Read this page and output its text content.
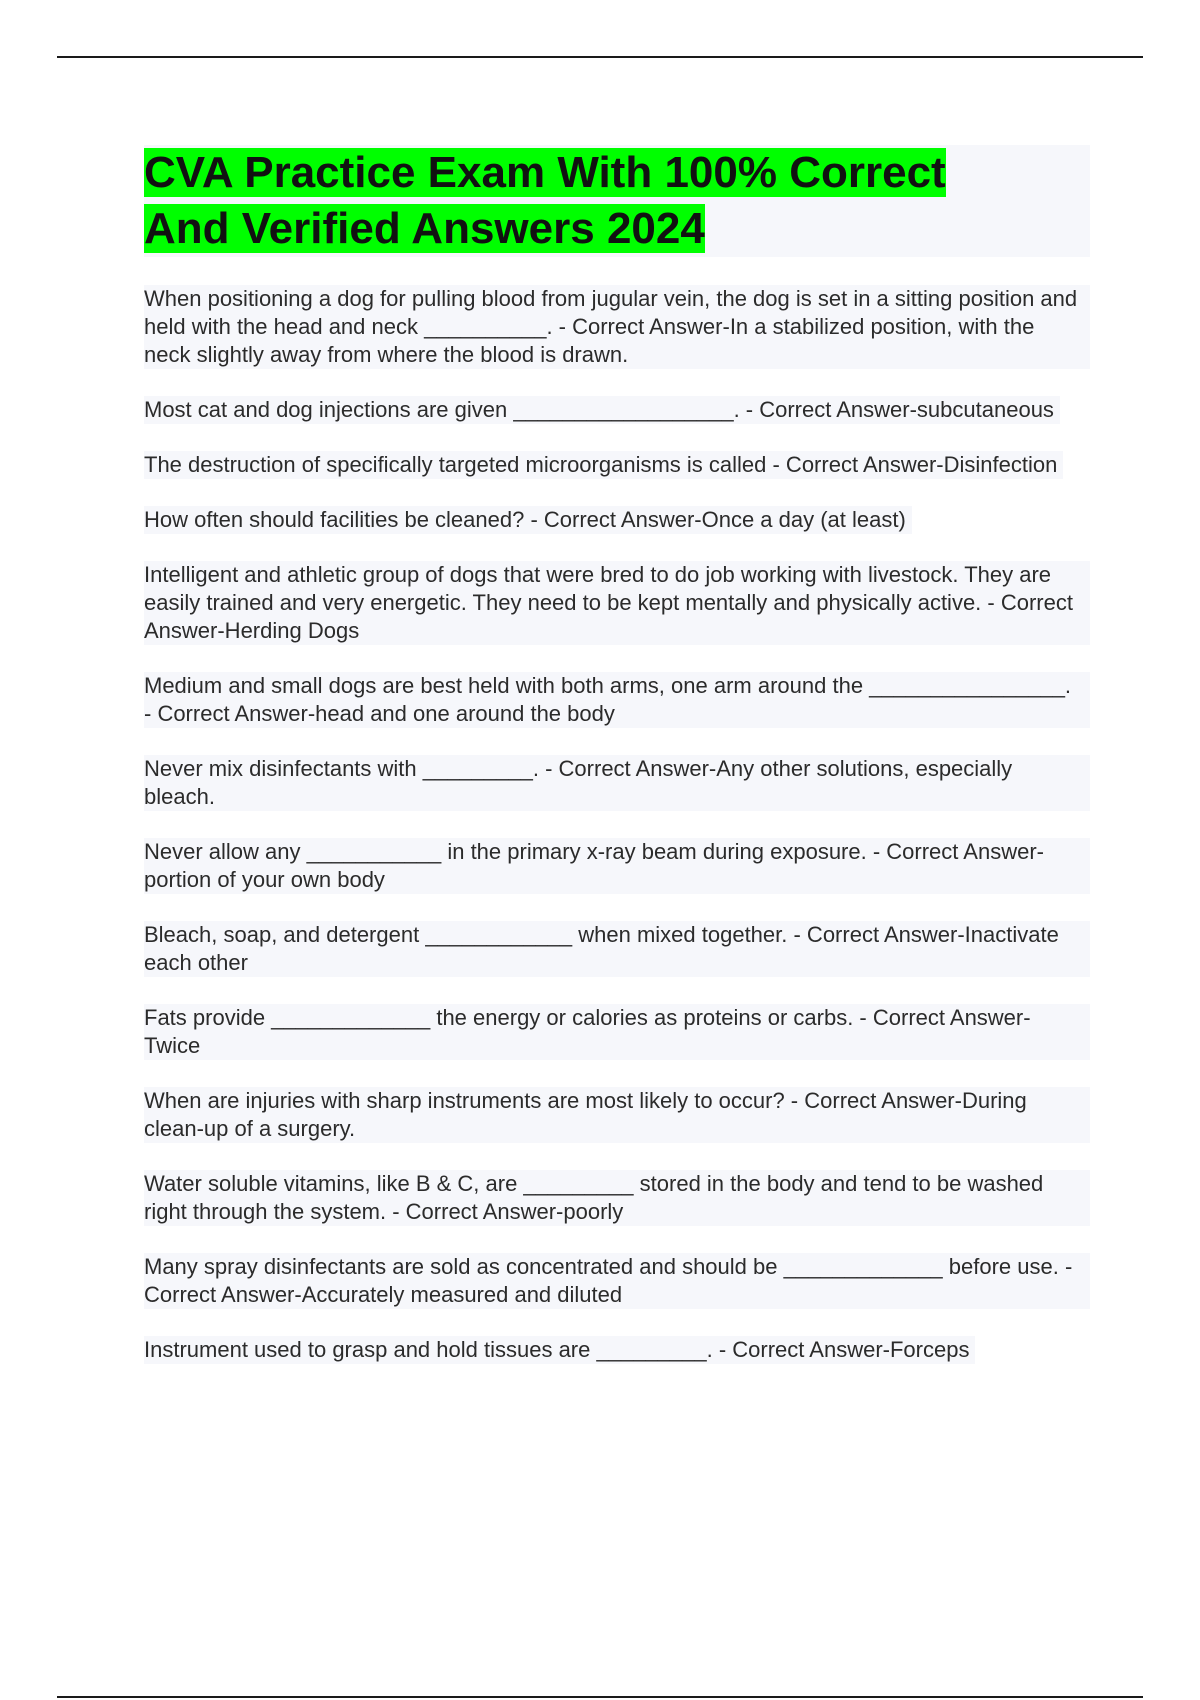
CVA Practice Exam With 100% Correct
And Verified Answers 2024
When positioning a dog for pulling blood from jugular vein, the dog is set in a sitting position and held with the head and neck __________. - Correct Answer-In a stabilized position, with the neck slightly away from where the blood is drawn.
Most cat and dog injections are given __________________. - Correct Answer-subcutaneous
The destruction of specifically targeted microorganisms is called - Correct Answer-Disinfection
How often should facilities be cleaned? - Correct Answer-Once a day (at least)
Intelligent and athletic group of dogs that were bred to do job working with livestock. They are easily trained and very energetic. They need to be kept mentally and physically active. - Correct Answer-Herding Dogs
Medium and small dogs are best held with both arms, one arm around the ________________. - Correct Answer-head and one around the body
Never mix disinfectants with _________. - Correct Answer-Any other solutions, especially bleach.
Never allow any ___________ in the primary x-ray beam during exposure. - Correct Answer-portion of your own body
Bleach, soap, and detergent ____________ when mixed together. - Correct Answer-Inactivate each other
Fats provide _____________ the energy or calories as proteins or carbs. - Correct Answer-Twice
When are injuries with sharp instruments are most likely to occur? - Correct Answer-During clean-up of a surgery.
Water soluble vitamins, like B & C, are _________ stored in the body and tend to be washed right through the system. - Correct Answer-poorly
Many spray disinfectants are sold as concentrated and should be _____________ before use. - Correct Answer-Accurately measured and diluted
Instrument used to grasp and hold tissues are _________. - Correct Answer-Forceps
